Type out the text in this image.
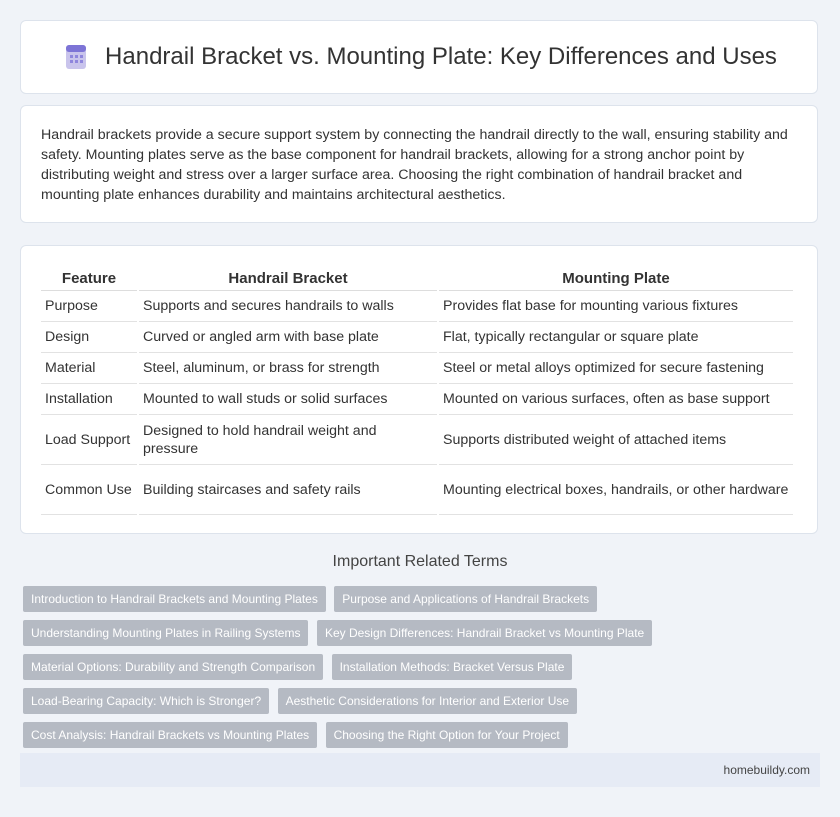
Handrail Bracket vs. Mounting Plate: Key Differences and Uses

Handrail brackets provide a secure support system by connecting the handrail directly to the wall, ensuring stability and safety. Mounting plates serve as the base component for handrail brackets, allowing for a strong anchor point by distributing weight and stress over a larger surface area. Choosing the right combination of handrail bracket and mounting plate enhances durability and maintains architectural aesthetics.

Feature	Handrail Bracket	Mounting Plate
Purpose	Supports and secures handrails to walls	Provides flat base for mounting various fixtures
Design	Curved or angled arm with base plate	Flat, typically rectangular or square plate
Material	Steel, aluminum, or brass for strength	Steel or metal alloys optimized for secure fastening
Installation	Mounted to wall studs or solid surfaces	Mounted on various surfaces, often as base support
Load Support	Designed to hold handrail weight and pressure	Supports distributed weight of attached items
Common Use	Building staircases and safety rails	Mounting electrical boxes, handrails, or other hardware
Important Related Terms
Introduction to Handrail Brackets and Mounting Plates Purpose and Applications of Handrail Brackets Understanding Mounting Plates in Railing Systems Key Design Differences: Handrail Bracket vs Mounting Plate Material Options: Durability and Strength Comparison Installation Methods: Bracket Versus Plate Load-Bearing Capacity: Which is Stronger? Aesthetic Considerations for Interior and Exterior Use Cost Analysis: Handrail Brackets vs Mounting Plates Choosing the Right Option for Your Project
homebuildy.com
